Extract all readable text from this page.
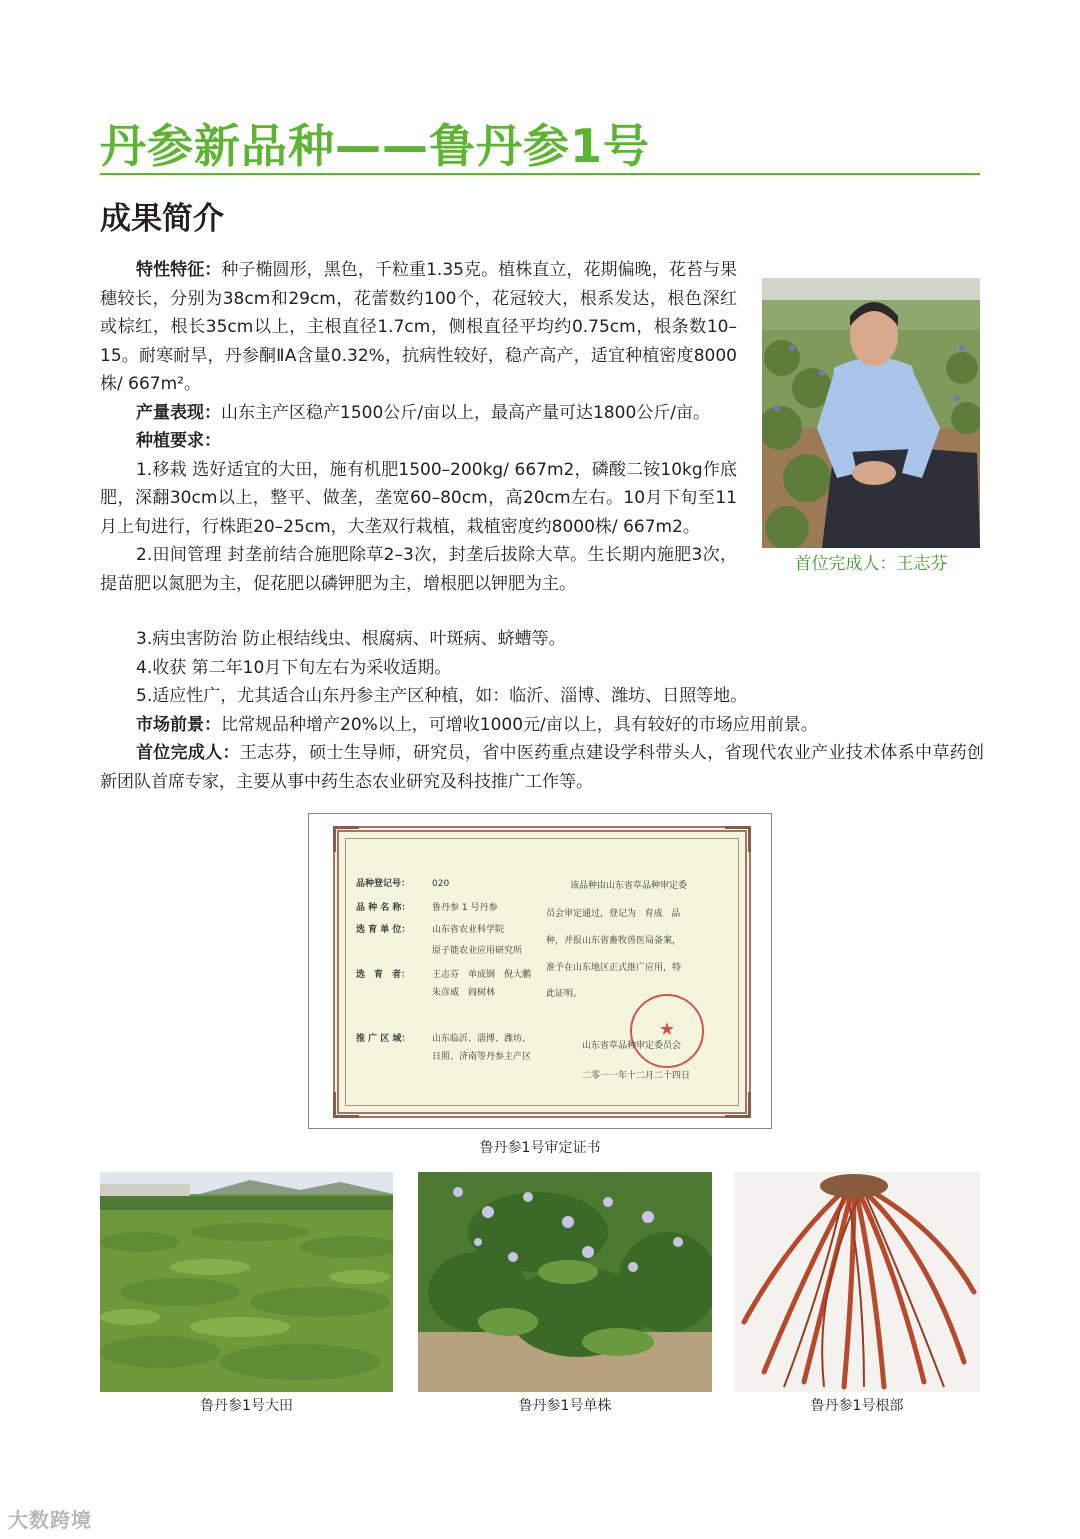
丹参新品种——鲁丹参1号
成果简介

特性特征：种子椭圆形，黑色，千粒重1.35克。植株直立，花期偏晚，花苔与果穗较长，分别为38cm和29cm，花蕾数约100个，花冠较大，根系发达，根色深红或棕红，根长35cm以上，主根直径1.7cm，侧根直径平均约0.75cm，根条数10–15。耐寒耐旱，丹参酮ⅡA含量0.32%，抗病性较好，稳产高产，适宜种植密度8000株/ 667m²。

产量表现：山东主产区稳产1500公斤/亩以上，最高产量可达1800公斤/亩。

种植要求：

1.移栽 选好适宜的大田，施有机肥1500–200kg/ 667m2，磷酸二铵10kg作底肥，深翻30cm以上，整平、做垄，垄宽60–80cm，高20cm左右。10月下旬至11月上旬进行，行株距20–25cm，大垄双行栽植，栽植密度约8000株/ 667m2。

2.田间管理 封垄前结合施肥除草2–3次，封垄后拔除大草。生长期内施肥3次，提苗肥以氮肥为主，促花肥以磷钾肥为主，增根肥以钾肥为主。

3.病虫害防治 防止根结线虫、根腐病、叶斑病、蛴螬等。

4.收获 第二年10月下旬左右为采收适期。

5.适应性广，尤其适合山东丹参主产区种植，如：临沂、淄博、潍坊、日照等地。

市场前景：比常规品种增产20%以上，可增收1000元/亩以上，具有较好的市场应用前景。

首位完成人：王志芬，硕士生导师，研究员，省中医药重点建设学科带头人，省现代农业产业技术体系中草药创新团队首席专家，主要从事中药生态农业研究及科技推广工作等。

首位完成人：王志芬
品种登记号： 020
品 种 名 称： 鲁丹参 1 号丹参
选 育 单 位： 山东省农业科学院
原子能农业应用研究所
选　育　者： 王志芬　单成钢　倪大鹏
朱彦威　阎树林
推 广 区 域： 山东临沂、淄博、潍坊、
日照、济南等丹参主产区
该品种由山东省草品种审定委
员会审定通过，登记为 育成 品
种，并报山东省畜牧兽医局备案，
准予在山东地区正式推广应用，特
此证明。
★
山东省草品种审定委员会
二零一一年十二月二十四日
鲁丹参1号审定证书
鲁丹参1号大田	鲁丹参1号单株	鲁丹参1号根部
大数跨境
